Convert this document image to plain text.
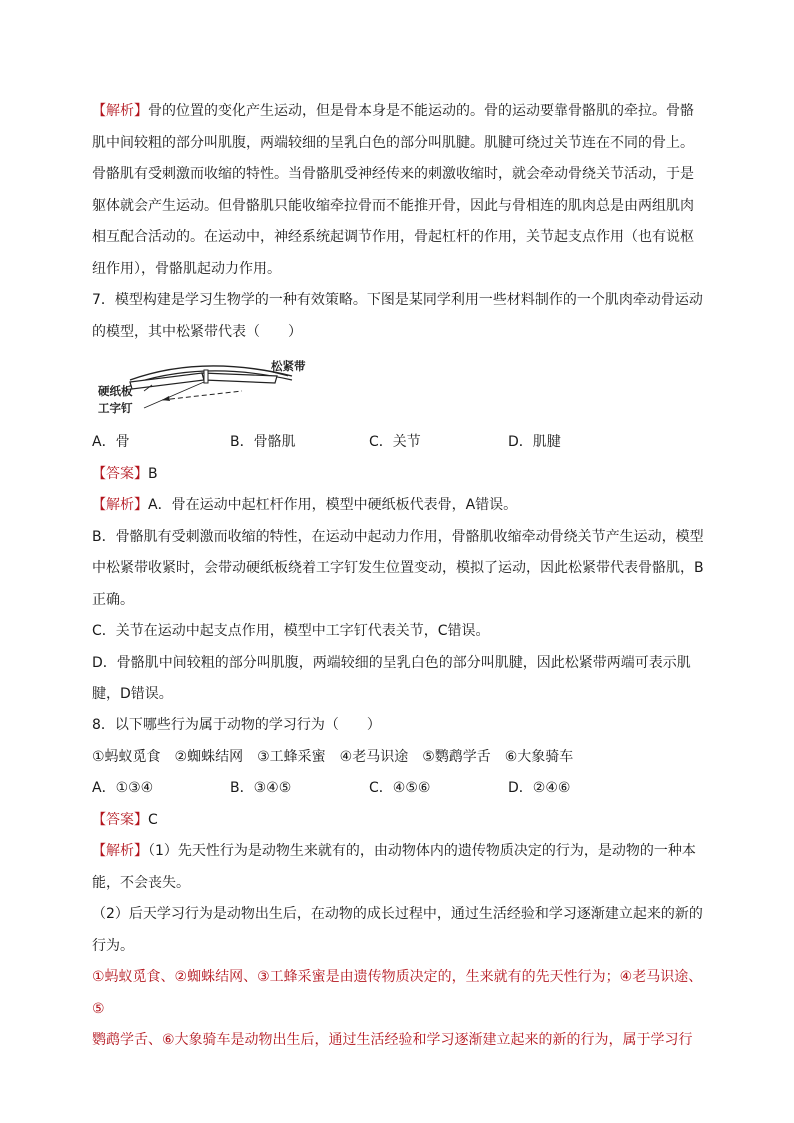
【解析】骨的位置的变化产生运动，但是骨本身是不能运动的。骨的运动要靠骨骼肌的牵拉。骨骼

肌中间较粗的部分叫肌腹，两端较细的呈乳白色的部分叫肌腱。肌腱可绕过关节连在不同的骨上。

骨骼肌有受刺激而收缩的特性。当骨骼肌受神经传来的刺激收缩时，就会牵动骨绕关节活动，于是

躯体就会产生运动。但骨骼肌只能收缩牵拉骨而不能推开骨，因此与骨相连的肌肉总是由两组肌肉

相互配合活动的。在运动中，神经系统起调节作用，骨起杠杆的作用，关节起支点作用（也有说枢

纽作用），骨骼肌起动力作用。

7．模型构建是学习生物学的一种有效策略。下图是某同学利用一些材料制作的一个肌肉牵动骨运动

的模型，其中松紧带代表（　　）

硬纸板
工字钉
松紧带
A．骨	B．骨骼肌	C．关节	D．肌腱

【答案】B

【解析】A．骨在运动中起杠杆作用，模型中硬纸板代表骨，A错误。

B．骨骼肌有受刺激而收缩的特性，在运动中起动力作用，骨骼肌收缩牵动骨绕关节产生运动，模型

中松紧带收紧时，会带动硬纸板绕着工字钉发生位置变动，模拟了运动，因此松紧带代表骨骼肌，B

正确。

C．关节在运动中起支点作用，模型中工字钉代表关节，C错误。

D．骨骼肌中间较粗的部分叫肌腹，两端较细的呈乳白色的部分叫肌腱，因此松紧带两端可表示肌

腱，D错误。

8．以下哪些行为属于动物的学习行为（　　）

①蚂蚁觅食　②蜘蛛结网　③工蜂采蜜　④老马识途　⑤鹦鹉学舌　⑥大象骑车

A．①③④	B．③④⑤	C．④⑤⑥	D．②④⑥

【答案】C

【解析】（1）先天性行为是动物生来就有的，由动物体内的遗传物质决定的行为，是动物的一种本

能，不会丧失。

（2）后天学习行为是动物出生后，在动物的成长过程中，通过生活经验和学习逐渐建立起来的新的

行为。

①蚂蚁觅食、②蜘蛛结网、③工蜂采蜜是由遗传物质决定的，生来就有的先天性行为；④老马识途、⑤

鹦鹉学舌、⑥大象骑车是动物出生后，通过生活经验和学习逐渐建立起来的新的行为，属于学习行
